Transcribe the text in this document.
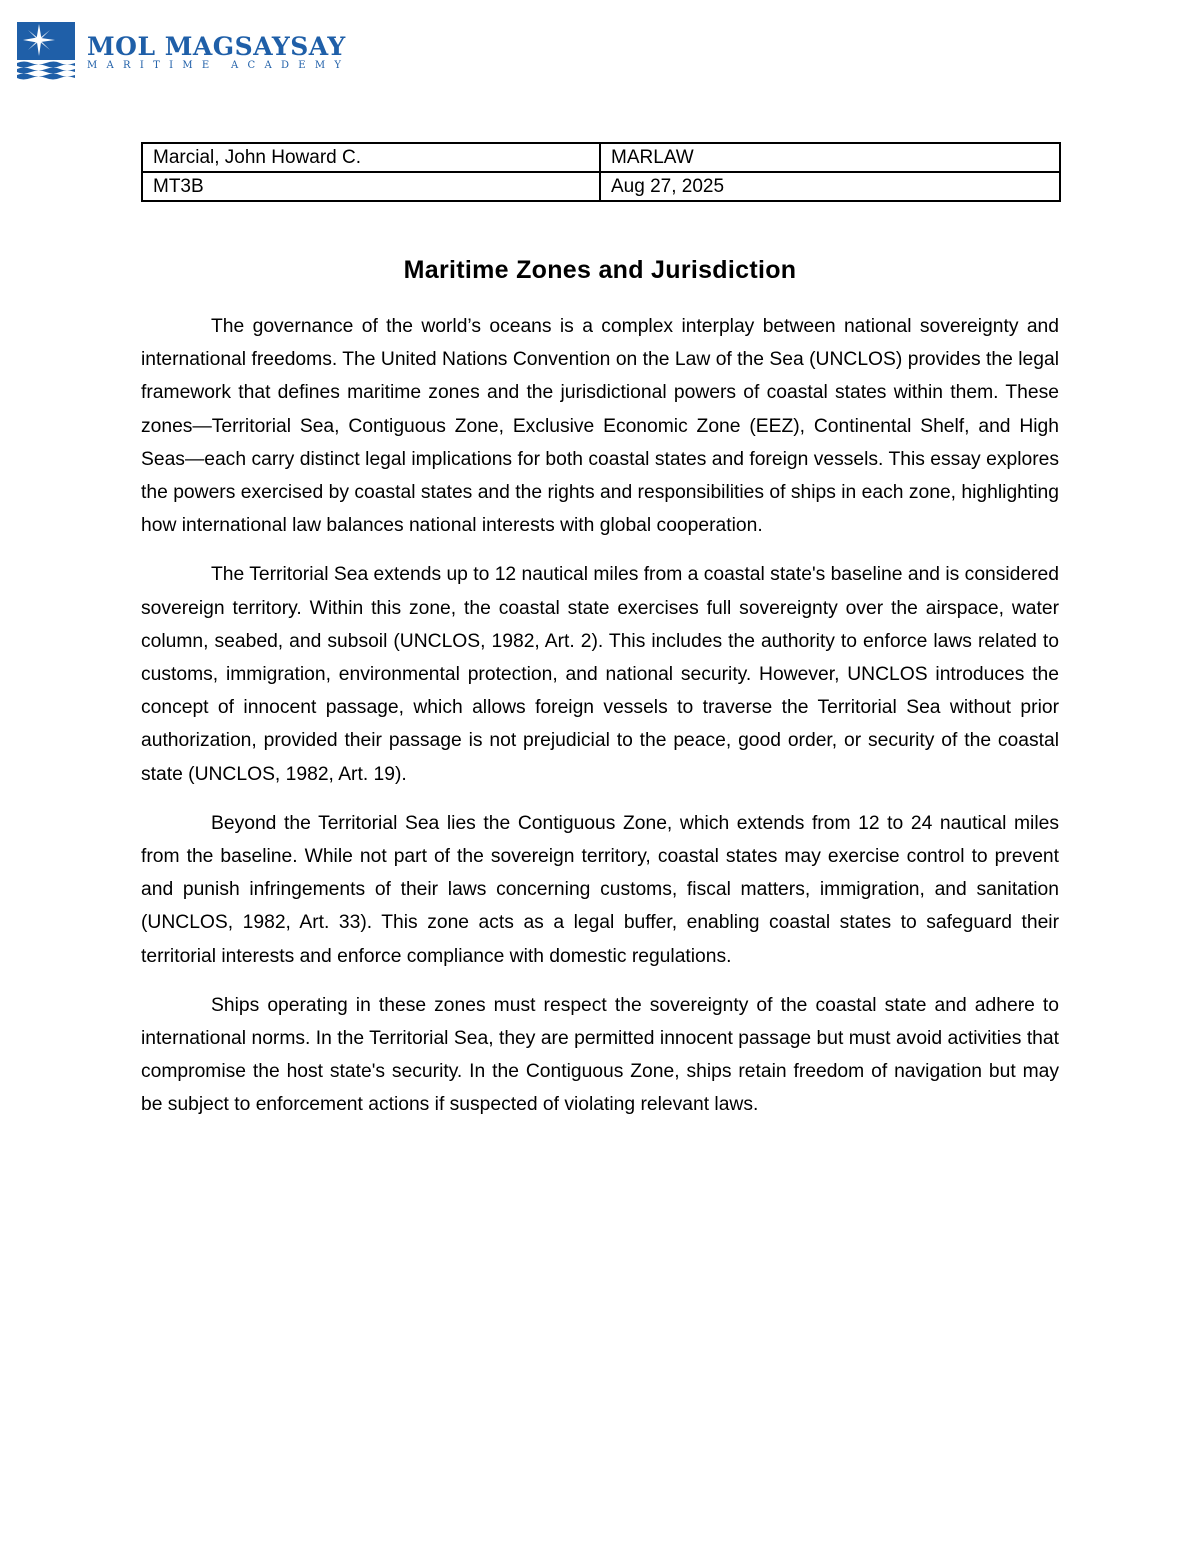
MOL MAGSAYSAY
MARITIME ACADEMY
Marcial, John Howard C.	MARLAW
MT3B	Aug 27, 2025
Maritime Zones and Jurisdiction

The governance of the world’s oceans is a complex interplay between national sovereignty and international freedoms. The United Nations Convention on the Law of the Sea (UNCLOS) provides the legal framework that defines maritime zones and the jurisdictional powers of coastal states within them. These zones—Territorial Sea, Contiguous Zone, Exclusive Economic Zone (EEZ), Continental Shelf, and High Seas—each carry distinct legal implications for both coastal states and foreign vessels. This essay explores the powers exercised by coastal states and the rights and responsibilities of ships in each zone, highlighting how international law balances national interests with global cooperation.

The Territorial Sea extends up to 12 nautical miles from a coastal state's baseline and is considered sovereign territory. Within this zone, the coastal state exercises full sovereignty over the airspace, water column, seabed, and subsoil (UNCLOS, 1982, Art. 2). This includes the authority to enforce laws related to customs, immigration, environmental protection, and national security. However, UNCLOS introduces the concept of innocent passage, which allows foreign vessels to traverse the Territorial Sea without prior authorization, provided their passage is not prejudicial to the peace, good order, or security of the coastal state (UNCLOS, 1982, Art. 19).

Beyond the Territorial Sea lies the Contiguous Zone, which extends from 12 to 24 nautical miles from the baseline. While not part of the sovereign territory, coastal states may exercise control to prevent and punish infringements of their laws concerning customs, fiscal matters, immigration, and sanitation (UNCLOS, 1982, Art. 33). This zone acts as a legal buffer, enabling coastal states to safeguard their territorial interests and enforce compliance with domestic regulations.

Ships operating in these zones must respect the sovereignty of the coastal state and adhere to international norms. In the Territorial Sea, they are permitted innocent passage but must avoid activities that compromise the host state's security. In the Contiguous Zone, ships retain freedom of navigation but may be subject to enforcement actions if suspected of violating relevant laws.
